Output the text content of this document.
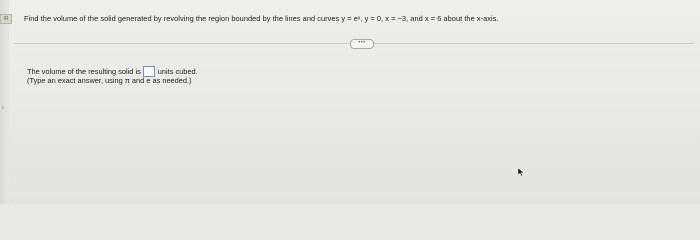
IR
›
Find the volume of the solid generated by revolving the region bounded by the lines and curves y = eˣ, y = 0, x = −3, and x = 6 about the x-axis.
•••
The volume of the resulting solid is units cubed.
(Type an exact answer, using π and e as needed.)
